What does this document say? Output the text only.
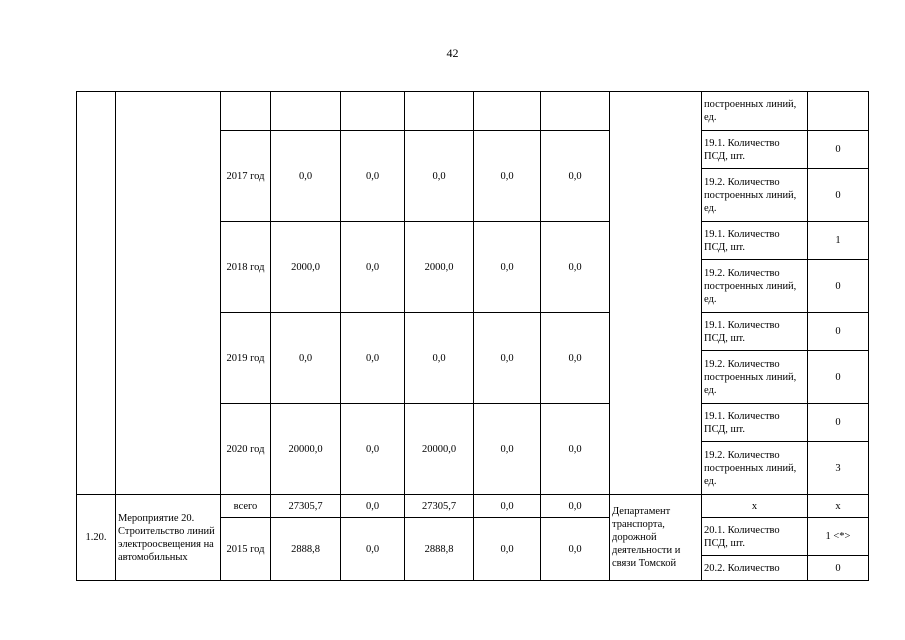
42
									построенных линий, ед.	
		2017 год	0,0	0,0	0,0	0,0	0,0		19.1. Количество ПСД, шт.	0
									19.2. Количество построенных линий, ед.	0
		2018 год	2000,0	0,0	2000,0	0,0	0,0		19.1. Количество ПСД, шт.	1
									19.2. Количество построенных линий, ед.	0
		2019 год	0,0	0,0	0,0	0,0	0,0		19.1. Количество ПСД, шт.	0
									19.2. Количество построенных линий, ед.	0
		2020 год	20000,0	0,0	20000,0	0,0	0,0		19.1. Количество ПСД, шт.	0
									19.2. Количество построенных линий, ед.	3
1.20.	Мероприятие 20. Строительство линий электроосвещения на автомобильных	всего	27305,7	0,0	27305,7	0,0	0,0	Департамент транспорта, дорожной деятельности и связи Томской	x	x
		2015 год	2888,8	0,0	2888,8	0,0	0,0		20.1. Количество ПСД, шт.	1 <*>
									20.2. Количество	0
